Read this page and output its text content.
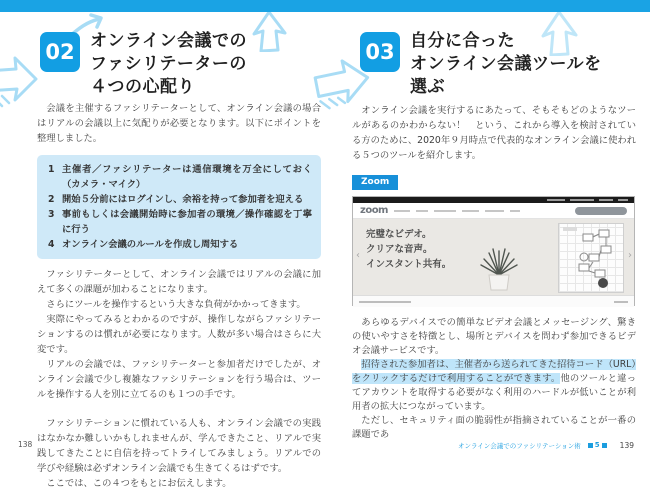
02 オンライン会議での
ファシリテーターの
４つの心配り

会議を主催するファシリテーターとして、オンライン会議の場合はリアルの会議以上に気配りが必要となります。以下にポイントを整理しました。

1 主催者／ファシリテーターは通信環境を万全にしておく（カメラ・マイク）
2 開始５分前にはログインし、余裕を持って参加者を迎える
3 事前もしくは会議開始時に参加者の環境／操作確認を丁寧に行う
4 オンライン会議のルールを作成し周知する

ファシリテーターとして、オンライン会議ではリアルの会議に加えて多くの課題が加わることになります。

さらにツールを操作するという大きな負荷がかかってきます。

実際にやってみるとわかるのですが、操作しながらファシリテーションするのは慣れが必要になります。人数が多い場合はさらに大変です。

リアルの会議では、ファシリテーターと参加者だけでしたが、オンライン会議で少し複雑なファシリテーションを行う場合は、ツールを操作する人を別に立てるのも１つの手です。

ファシリテーションに慣れている人も、オンライン会議での実践はなかなか難しいかもしれませんが、学んできたこと、リアルで実践してきたことに自信を持ってトライしてみましょう。リアルでの学びや経験は必ずオンライン会議でも生きてくるはずです。

ここでは、この４つをもとにお伝えします。

138
03 自分に合った
オンライン会議ツールを
選ぶ

オンライン会議を実行するにあたって、そもそもどのようなツールがあるのかわからない！　という、これから導入を検討されている方のために、2020年９月時点で代表的なオンライン会議に使われる５つのツールを紹介します。

Zoom
zoom
完璧なビデオ。
クリアな音声。
インスタント共有。
‹	›

あらゆるデバイスでの簡単なビデオ会議とメッセージング、驚きの使いやすさを特徴とし、場所とデバイスを問わず参加できるビデオ会議サービスです。

招待された参加者は、主催者から送られてきた招待コード（URL）をクリックするだけで利用することができます。他のツールと違ってアカウントを取得する必要がなく利用のハードルが低いことが利用者の拡大につながっています。

ただし、セキュリティ面の脆弱性が指摘されていることが一番の課題であ

オンライン会議でのファシリテーション術 5	139
